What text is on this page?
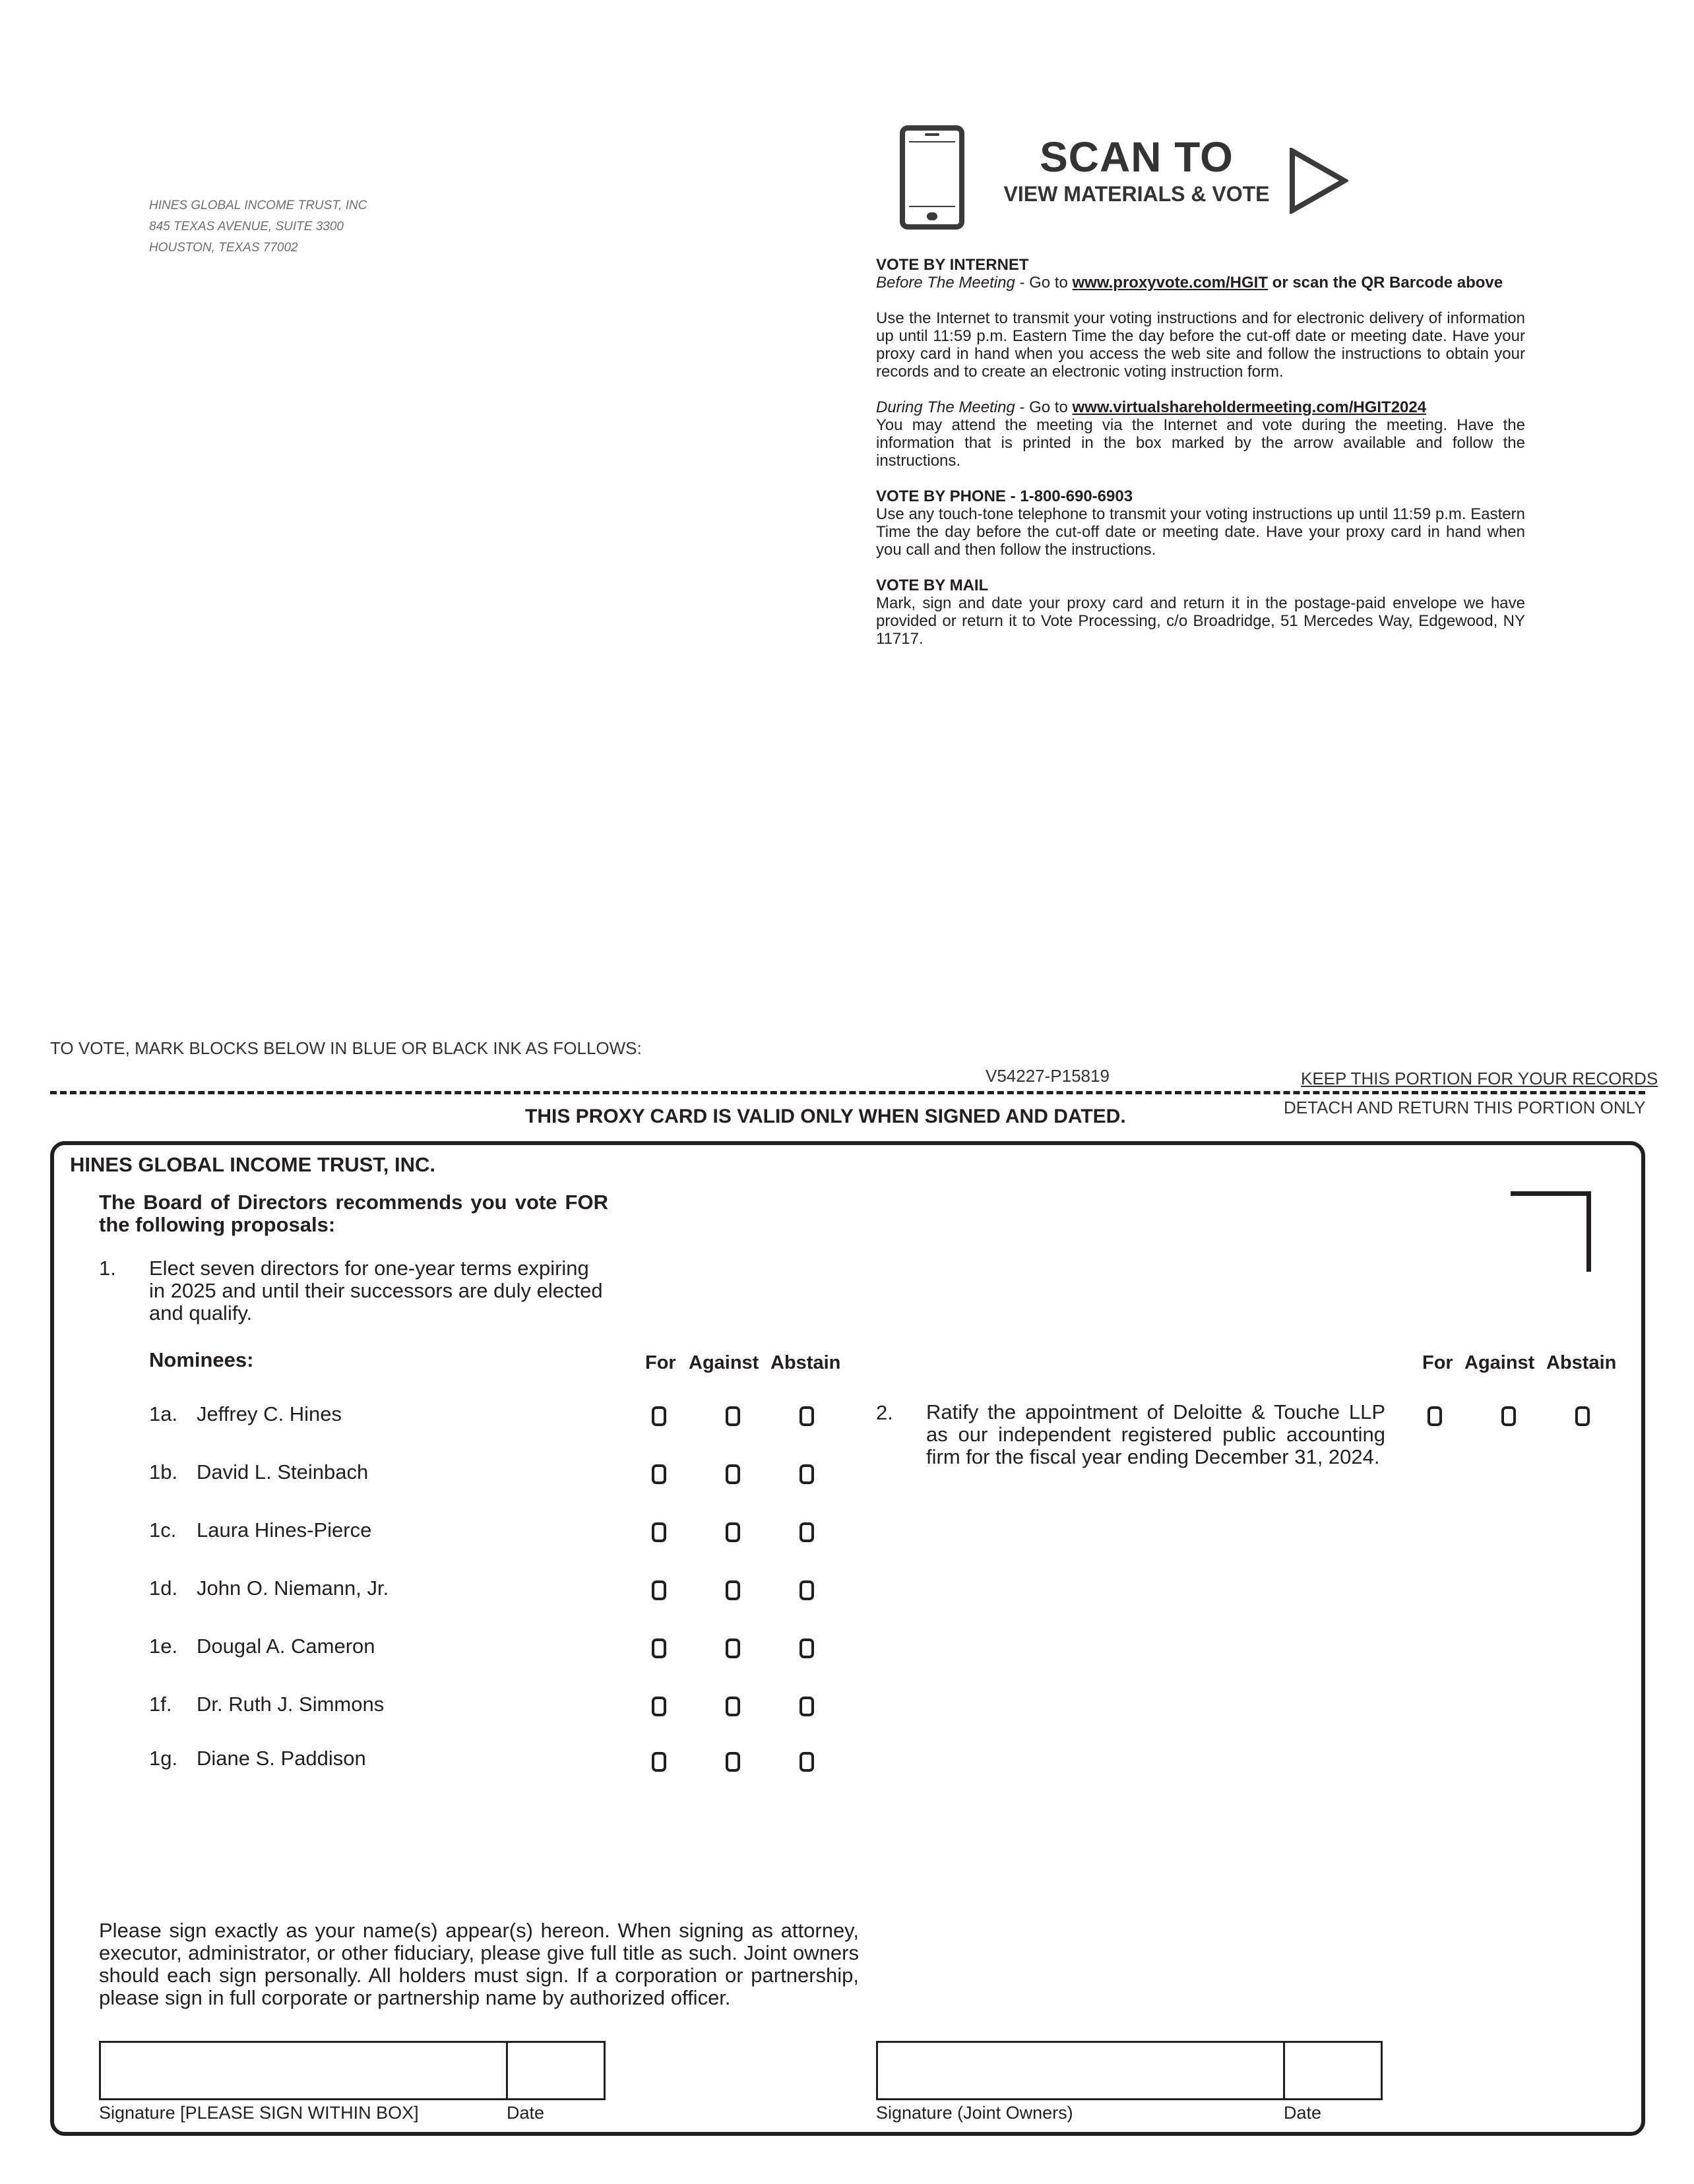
HINES GLOBAL INCOME TRUST, INC
845 TEXAS AVENUE, SUITE 3300
HOUSTON, TEXAS 77002
SCAN TO
VIEW MATERIALS & VOTE

VOTE BY INTERNET

Before The Meeting - Go to www.proxyvote.com/HGIT or scan the QR Barcode above

Use the Internet to transmit your voting instructions and for electronic delivery of information up until 11:59 p.m. Eastern Time the day before the cut-off date or meeting date. Have your proxy card in hand when you access the web site and follow the instructions to obtain your records and to create an electronic voting instruction form.

During The Meeting - Go to www.virtualshareholdermeeting.com/HGIT2024

You may attend the meeting via the Internet and vote during the meeting. Have the information that is printed in the box marked by the arrow available and follow the instructions.

VOTE BY PHONE - 1-800-690-6903

Use any touch-tone telephone to transmit your voting instructions up until 11:59 p.m. Eastern Time the day before the cut-off date or meeting date. Have your proxy card in hand when you call and then follow the instructions.

VOTE BY MAIL

Mark, sign and date your proxy card and return it in the postage-paid envelope we have provided or return it to Vote Processing, c/o Broadridge, 51 Mercedes Way, Edgewood, NY 11717.

TO VOTE, MARK BLOCKS BELOW IN BLUE OR BLACK INK AS FOLLOWS:
V54227-P15819	KEEP THIS PORTION FOR YOUR RECORDS
THIS PROXY CARD IS VALID ONLY WHEN SIGNED AND DATED.	DETACH AND RETURN THIS PORTION ONLY
HINES GLOBAL INCOME TRUST, INC.
The Board of Directors recommends you vote FOR the following proposals:
1. Elect seven directors for one-year terms expiring in 2025 and until their successors are duly elected and qualify.
Nominees:	For Against Abstain	For Against Abstain
1a. Jeffrey C. Hines
1b. David L. Steinbach
1c. Laura Hines-Pierce
1d. John O. Niemann, Jr.
1e. Dougal A. Cameron
1f. Dr. Ruth J. Simmons
1g. Diane S. Paddison
2. Ratify the appointment of Deloitte & Touche LLP as our independent registered public accounting firm for the fiscal year ending December 31, 2024.
Please sign exactly as your name(s) appear(s) hereon. When signing as attorney, executor, administrator, or other fiduciary, please give full title as such. Joint owners should each sign personally. All holders must sign. If a corporation or partnership, please sign in full corporate or partnership name by authorized officer.
Signature [PLEASE SIGN WITHIN BOX]	Date	Signature (Joint Owners)	Date
